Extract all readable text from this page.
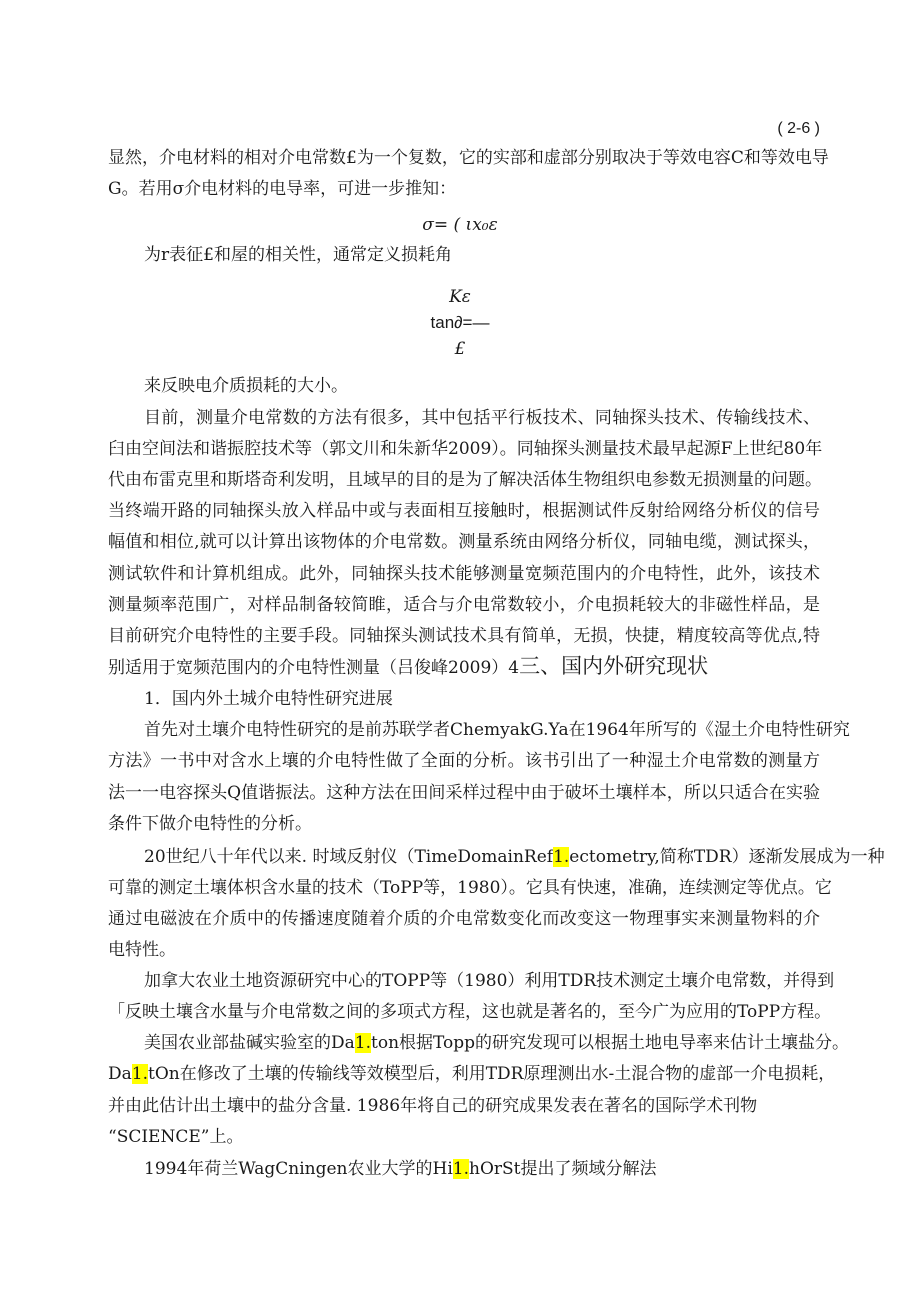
( 2-6 )
显然，介电材料的相对介电常数£为一个复数，它的实部和虚部分别取决于等效电容C和等效电导
G。若用σ介电材料的电导率，可进一步推知：
σ= ( ιx₀ε
为r表征£和屋的相关性，通常定义损耗角
Kε
tan∂=—
£
来反映电介质损耗的大小。
目前，测量介电常数的方法有很多，其中包括平行板技术、同轴探头技术、传输线技术、
臼由空间法和谐振腔技术等（郭文川和朱新华2009）。同轴探头测量技术最早起源F上世纪80年
代由布雷克里和斯塔奇利发明，且域早的目的是为了解决活体生物组织电参数无损测量的问题。
当终端开路的同轴探头放入样品中或与表面相互接触时，根据测试件反射给网络分析仪的信号
幅值和相位,就可以计算出该物体的介电常数。测量系统由网络分析仪，同轴电缆，测试探头，
测试软件和计算机组成。此外，同轴探头技术能够测量宽频范围内的介电特性，此外，该技术
测量频率范围广，对样品制备较简睢，适合与介电常数较小，介电损耗较大的非磁性样品，是
目前研究介电特性的主要手段。同轴探头测试技术具有简单，无损，快捷，精度较高等优点,特
别适用于宽频范围内的介电特性测量（吕俊峰2009）4三、国内外研究现状
1．国内外土城介电特性研究进展
首先对土壤介电特性研究的是前苏联学者ChemyakG.Ya在1964年所写的《湿土介电特性研究
方法》一书中对含水上壤的介电特性做了全面的分析。该书引出了一种湿土介电常数的测量方
法一一电容探头Q值谐振法。这种方法在田间采样过程中由于破坏土壤样本，所以只适合在实验
条件下做介电特性的分析。
20世纪八十年代以来. 时域反射仪（TimeDomainRef1.ectometry,简称TDR）逐渐发展成为一种
可靠的测定土壤体枳含水量的技术（ToPP等，1980）。它具有快速，准确，连续测定等优点。它
通过电磁波在介质中的传播速度随着介质的介电常数变化而改变这一物理事实来测量物料的介
电特性。
加拿大农业土地资源研究中心的TOPP等（1980）利用TDR技术测定土壤介电常数，并得到
「反映土壤含水量与介电常数之间的多项式方程，这也就是著名的，至今广为应用的ToPP方程。
美国农业部盐碱实验室的Da1.ton根据Topp的研究发现可以根据土地电导率来估计土壤盐分。
Da1.tOn在修改了土壤的传输线等效模型后，利用TDR原理测出水-土混合物的虚部一介电损耗，
并由此估计出土壤中的盐分含量. 1986年将自己的研究成果发表在著名的国际学术刊物
“SCIENCE”上。
1994年荷兰WagCningen农业大学的Hi1.hOrSt提出了频域分解法
